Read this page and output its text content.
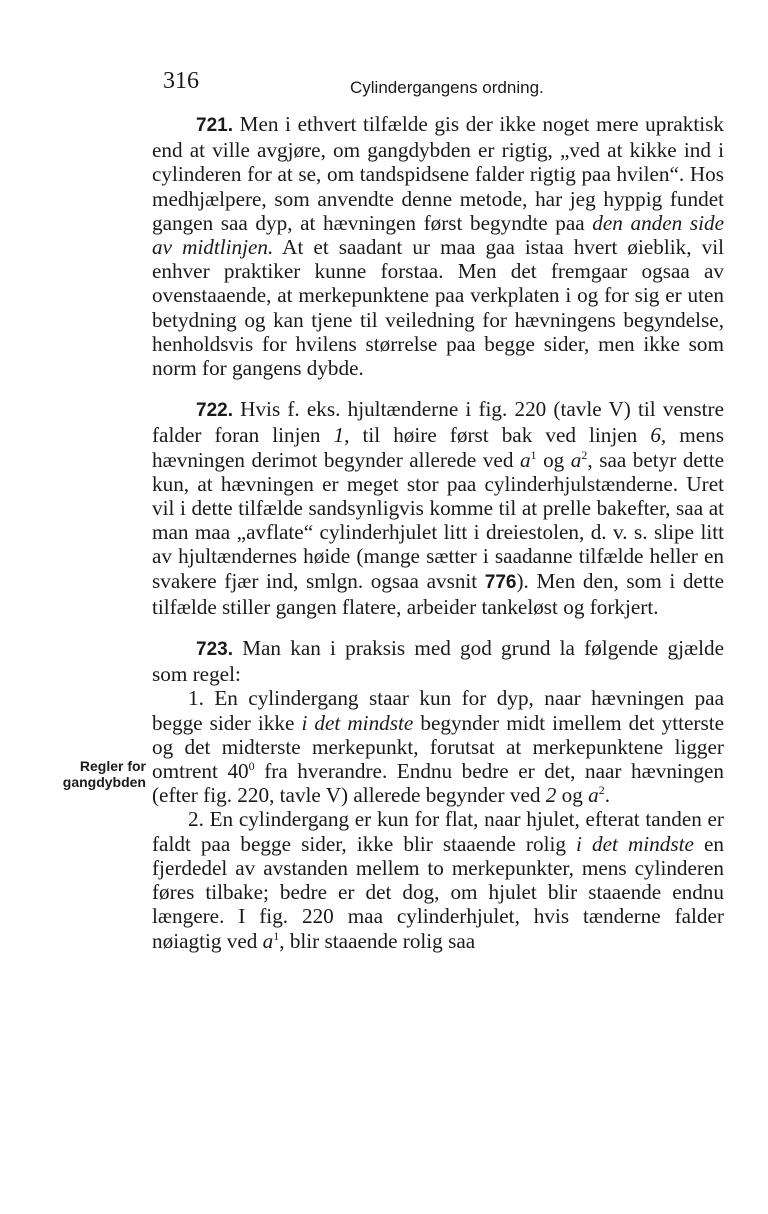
316	Cylindergangens ordning.
Regler for
gangdybden

721. Men i ethvert tilfælde gis der ikke noget mere upraktisk end at ville avgjøre, om gangdybden er rigtig, „ved at kikke ind i cylinderen for at se, om tandspidsene falder rigtig paa hvilen“. Hos medhjælpere, som anvendte denne metode, har jeg hyppig fundet gangen saa dyp, at hævningen først begyndte paa den anden side av midtlinjen. At et saadant ur maa gaa istaa hvert øieblik, vil enhver praktiker kunne forstaa. Men det fremgaar ogsaa av ovenstaaende, at merkepunktene paa verkplaten i og for sig er uten betydning og kan tjene til veiledning for hævningens begyndelse, henholdsvis for hvilens størrelse paa begge sider, men ikke som norm for gangens dybde.

722. Hvis f. eks. hjultænderne i fig. 220 (tavle V) til venstre falder foran linjen 1, til høire først bak ved linjen 6, mens hævningen derimot begynder allerede ved $a^1$ og $a^2$, saa betyr dette kun, at hævningen er meget stor paa cylinderhjulstænderne. Uret vil i dette tilfælde sandsynligvis komme til at prelle bakefter, saa at man maa „avflate“ cylinderhjulet litt i dreiestolen, d. v. s. slipe litt av hjultændernes høide (mange sætter i saadanne tilfælde heller en svakere fjær ind, smlgn. ogsaa avsnit 776). Men den, som i dette tilfælde stiller gangen flatere, arbeider tankeløst og forkjert.

723. Man kan i praksis med god grund la følgende gjælde som regel:

1. En cylindergang staar kun for dyp, naar hævningen paa begge sider ikke i det mindste begynder midt imellem det ytterste og det midterste merkepunkt, forutsat at merkepunktene ligger omtrent $40^0$ fra hverandre. Endnu bedre er det, naar hævningen (efter fig. 220, tavle V) allerede begynder ved 2 og $a^2$.

2. En cylindergang er kun for flat, naar hjulet, efterat tanden er faldt paa begge sider, ikke blir staaende rolig i det mindste en fjerdedel av avstanden mellem to merkepunkter, mens cylinderen føres tilbake; bedre er det dog, om hjulet blir staaende endnu længere. I fig. 220 maa cylinderhjulet, hvis tænderne falder nøiagtig ved $a^1$, blir staaende rolig saa
